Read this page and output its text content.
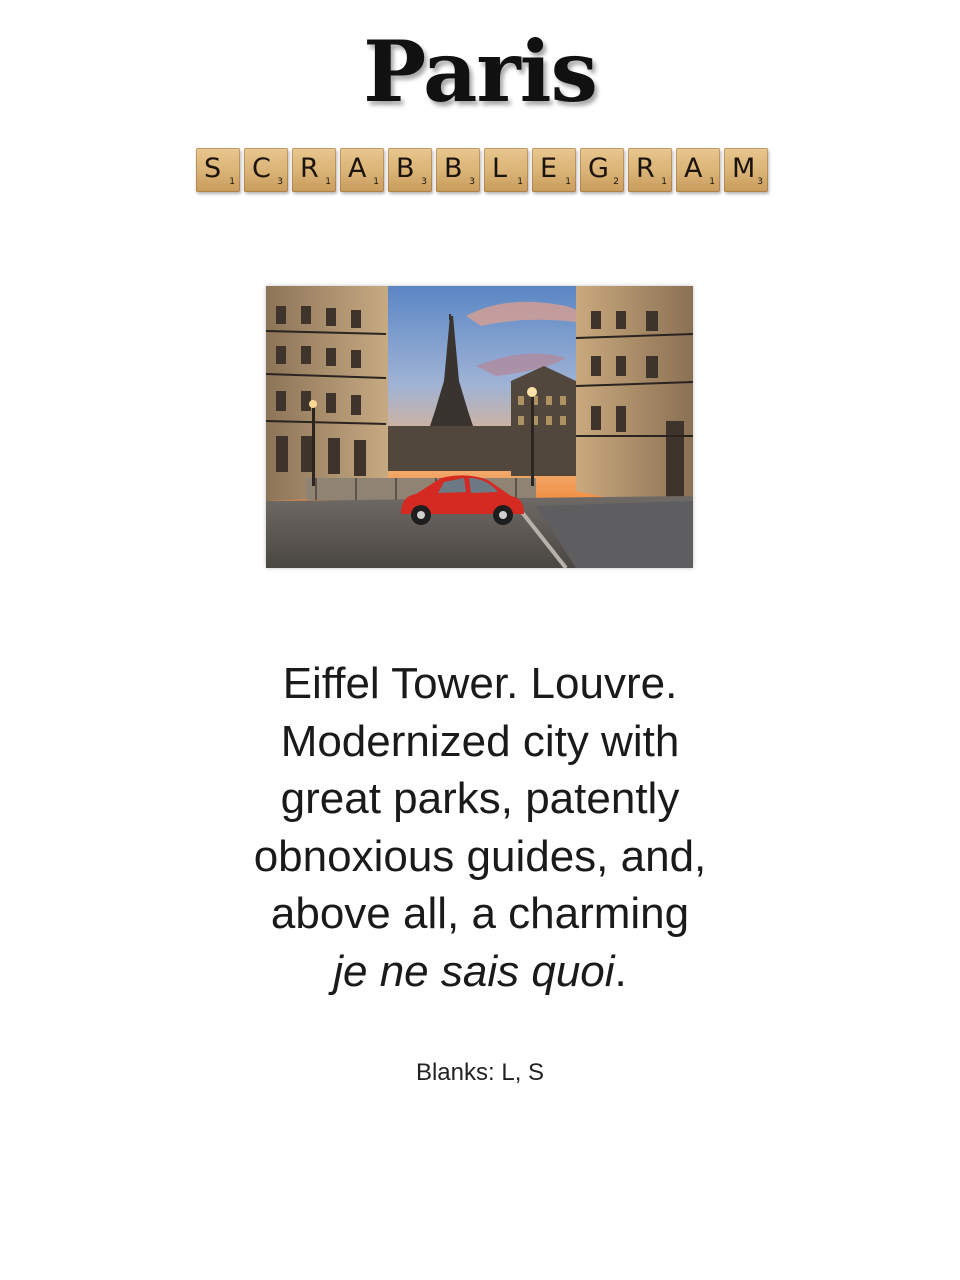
Paris
S 1 C 3 R 1 A 1 B 3 B 3 L 1 E 1 G 2 R 1 A 1 M 3
Eiffel Tower. Louvre.
Modernized city with
great parks, patently
obnoxious guides, and,
above all, a charming
je ne sais quoi.
Blanks: L, S
